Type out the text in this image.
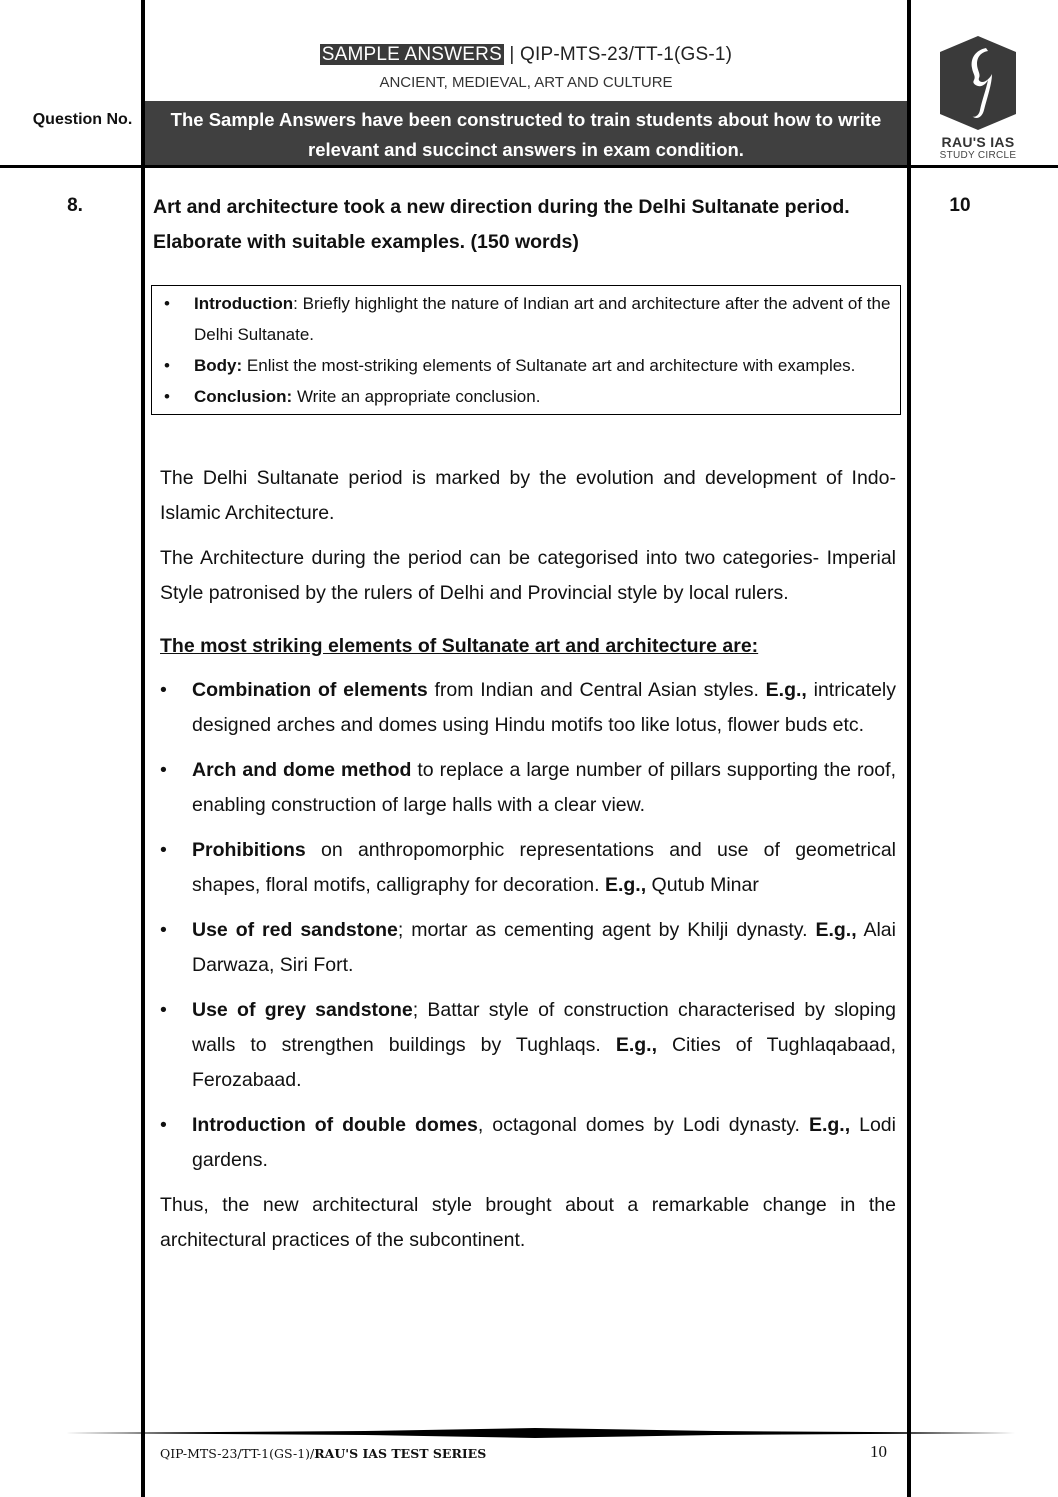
SAMPLE ANSWERS | QIP-MTS-23/TT-1(GS-1)
ANCIENT, MEDIEVAL, ART AND CULTURE
The Sample Answers have been constructed to train students about how to write relevant and succinct answers in exam condition.
Question No.
RAU'S IAS
STUDY CIRCLE
8.	Art and architecture took a new direction during the Delhi Sultanate period. Elaborate with suitable examples. (150 words)
10
• Introduction: Briefly highlight the nature of Indian art and architecture after the advent of the Delhi Sultanate.
• Body: Enlist the most-striking elements of Sultanate art and architecture with examples.
• Conclusion: Write an appropriate conclusion.

The Delhi Sultanate period is marked by the evolution and development of Indo-Islamic Architecture.

The Architecture during the period can be categorised into two categories- Imperial Style patronised by the rulers of Delhi and Provincial style by local rulers.

The most striking elements of Sultanate art and architecture are:

• Combination of elements from Indian and Central Asian styles. E.g., intricately designed arches and domes using Hindu motifs too like lotus, flower buds etc.
• Arch and dome method to replace a large number of pillars supporting the roof, enabling construction of large halls with a clear view.
• Prohibitions on anthropomorphic representations and use of geometrical shapes, floral motifs, calligraphy for decoration. E.g., Qutub Minar
• Use of red sandstone; mortar as cementing agent by Khilji dynasty. E.g., Alai Darwaza, Siri Fort.
• Use of grey sandstone; Battar style of construction characterised by sloping walls to strengthen buildings by Tughlaqs. E.g., Cities of Tughlaqabaad, Ferozabaad.
• Introduction of double domes, octagonal domes by Lodi dynasty. E.g., Lodi gardens.

Thus, the new architectural style brought about a remarkable change in the architectural practices of the subcontinent.

QIP-MTS-23/TT-1(GS-1)/RAU'S IAS TEST SERIES	10
